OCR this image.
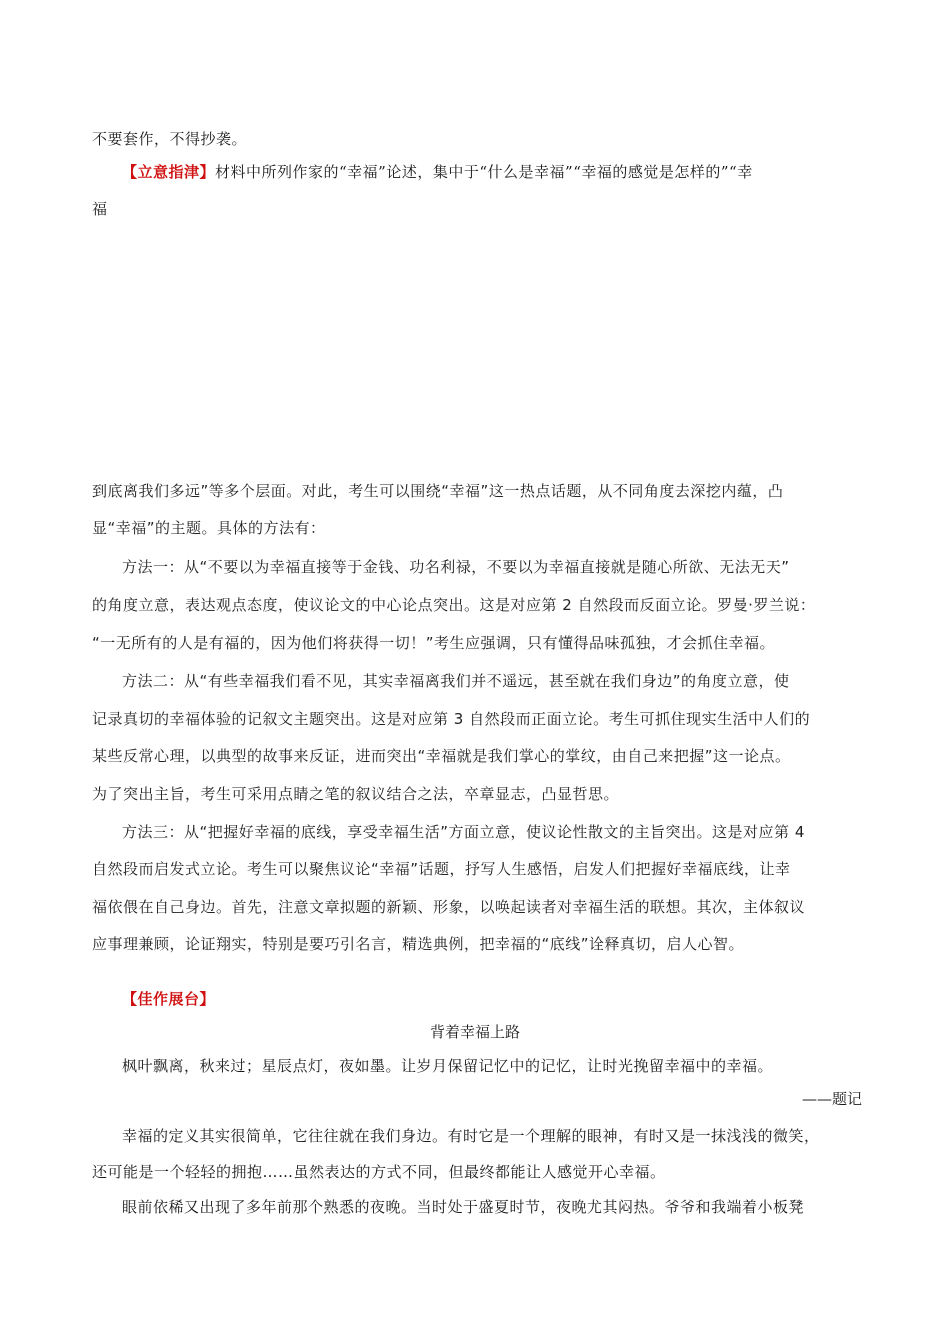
不要套作，不得抄袭。
【立意指津】材料中所列作家的“幸福”论述，集中于“什么是幸福”“幸福的感觉是怎样的”“幸
福
到底离我们多远”等多个层面。对此，考生可以围绕“幸福”这一热点话题，从不同角度去深挖内蕴，凸
显“幸福”的主题。具体的方法有：
方法一：从“不要以为幸福直接等于金钱、功名利禄，不要以为幸福直接就是随心所欲、无法无天”
的角度立意，表达观点态度，使议论文的中心论点突出。这是对应第 2 自然段而反面立论。罗曼·罗兰说：
“一无所有的人是有福的，因为他们将获得一切！”考生应强调，只有懂得品味孤独，才会抓住幸福。
方法二：从“有些幸福我们看不见，其实幸福离我们并不遥远，甚至就在我们身边”的角度立意，使
记录真切的幸福体验的记叙文主题突出。这是对应第 3 自然段而正面立论。考生可抓住现实生活中人们的
某些反常心理，以典型的故事来反证，进而突出“幸福就是我们掌心的掌纹，由自己来把握”这一论点。
为了突出主旨，考生可采用点睛之笔的叙议结合之法，卒章显志，凸显哲思。
方法三：从“把握好幸福的底线，享受幸福生活”方面立意，使议论性散文的主旨突出。这是对应第 4
自然段而启发式立论。考生可以聚焦议论“幸福”话题，抒写人生感悟，启发人们把握好幸福底线，让幸
福依偎在自己身边。首先，注意文章拟题的新颖、形象，以唤起读者对幸福生活的联想。其次，主体叙议
应事理兼顾，论证翔实，特别是要巧引名言，精选典例，把幸福的“底线”诠释真切，启人心智。
【佳作展台】
背着幸福上路
枫叶飘离，秋来过；星辰点灯，夜如墨。让岁月保留记忆中的记忆，让时光挽留幸福中的幸福。
——题记
幸福的定义其实很简单，它往往就在我们身边。有时它是一个理解的眼神，有时又是一抹浅浅的微笑，
还可能是一个轻轻的拥抱……虽然表达的方式不同，但最终都能让人感觉开心幸福。
眼前依稀又出现了多年前那个熟悉的夜晚。当时处于盛夏时节，夜晚尤其闷热。爷爷和我端着小板凳
